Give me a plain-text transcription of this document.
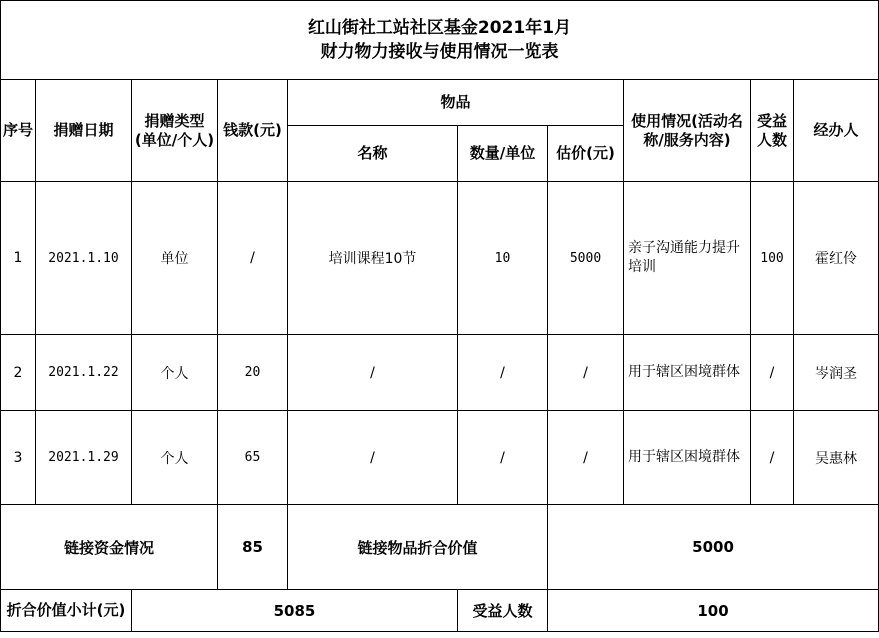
红山街社工站社区基金2021年1月
财力物力接收与使用情况一览表									

序号	捐赠日期	捐赠类型(单位/个人)	钱款(元)	物品			使用情况(活动名称/服务内容)	受益人数	经办人
				名称	数量/单位	估价(元)			
1	2021.1.10	单位	/	培训课程10节	10	5000	亲子沟通能力提升培训	100	霍红伶
2	2021.1.22	个人	20	/	/	/	用于辖区困境群体	/	岑润圣
3	2021.1.29	个人	65	/	/	/	用于辖区困境群体	/	吴惠林
链接资金情况			85	链接物品折合价值		5000			
折合价值小计(元)		5085			受益人数	100			
